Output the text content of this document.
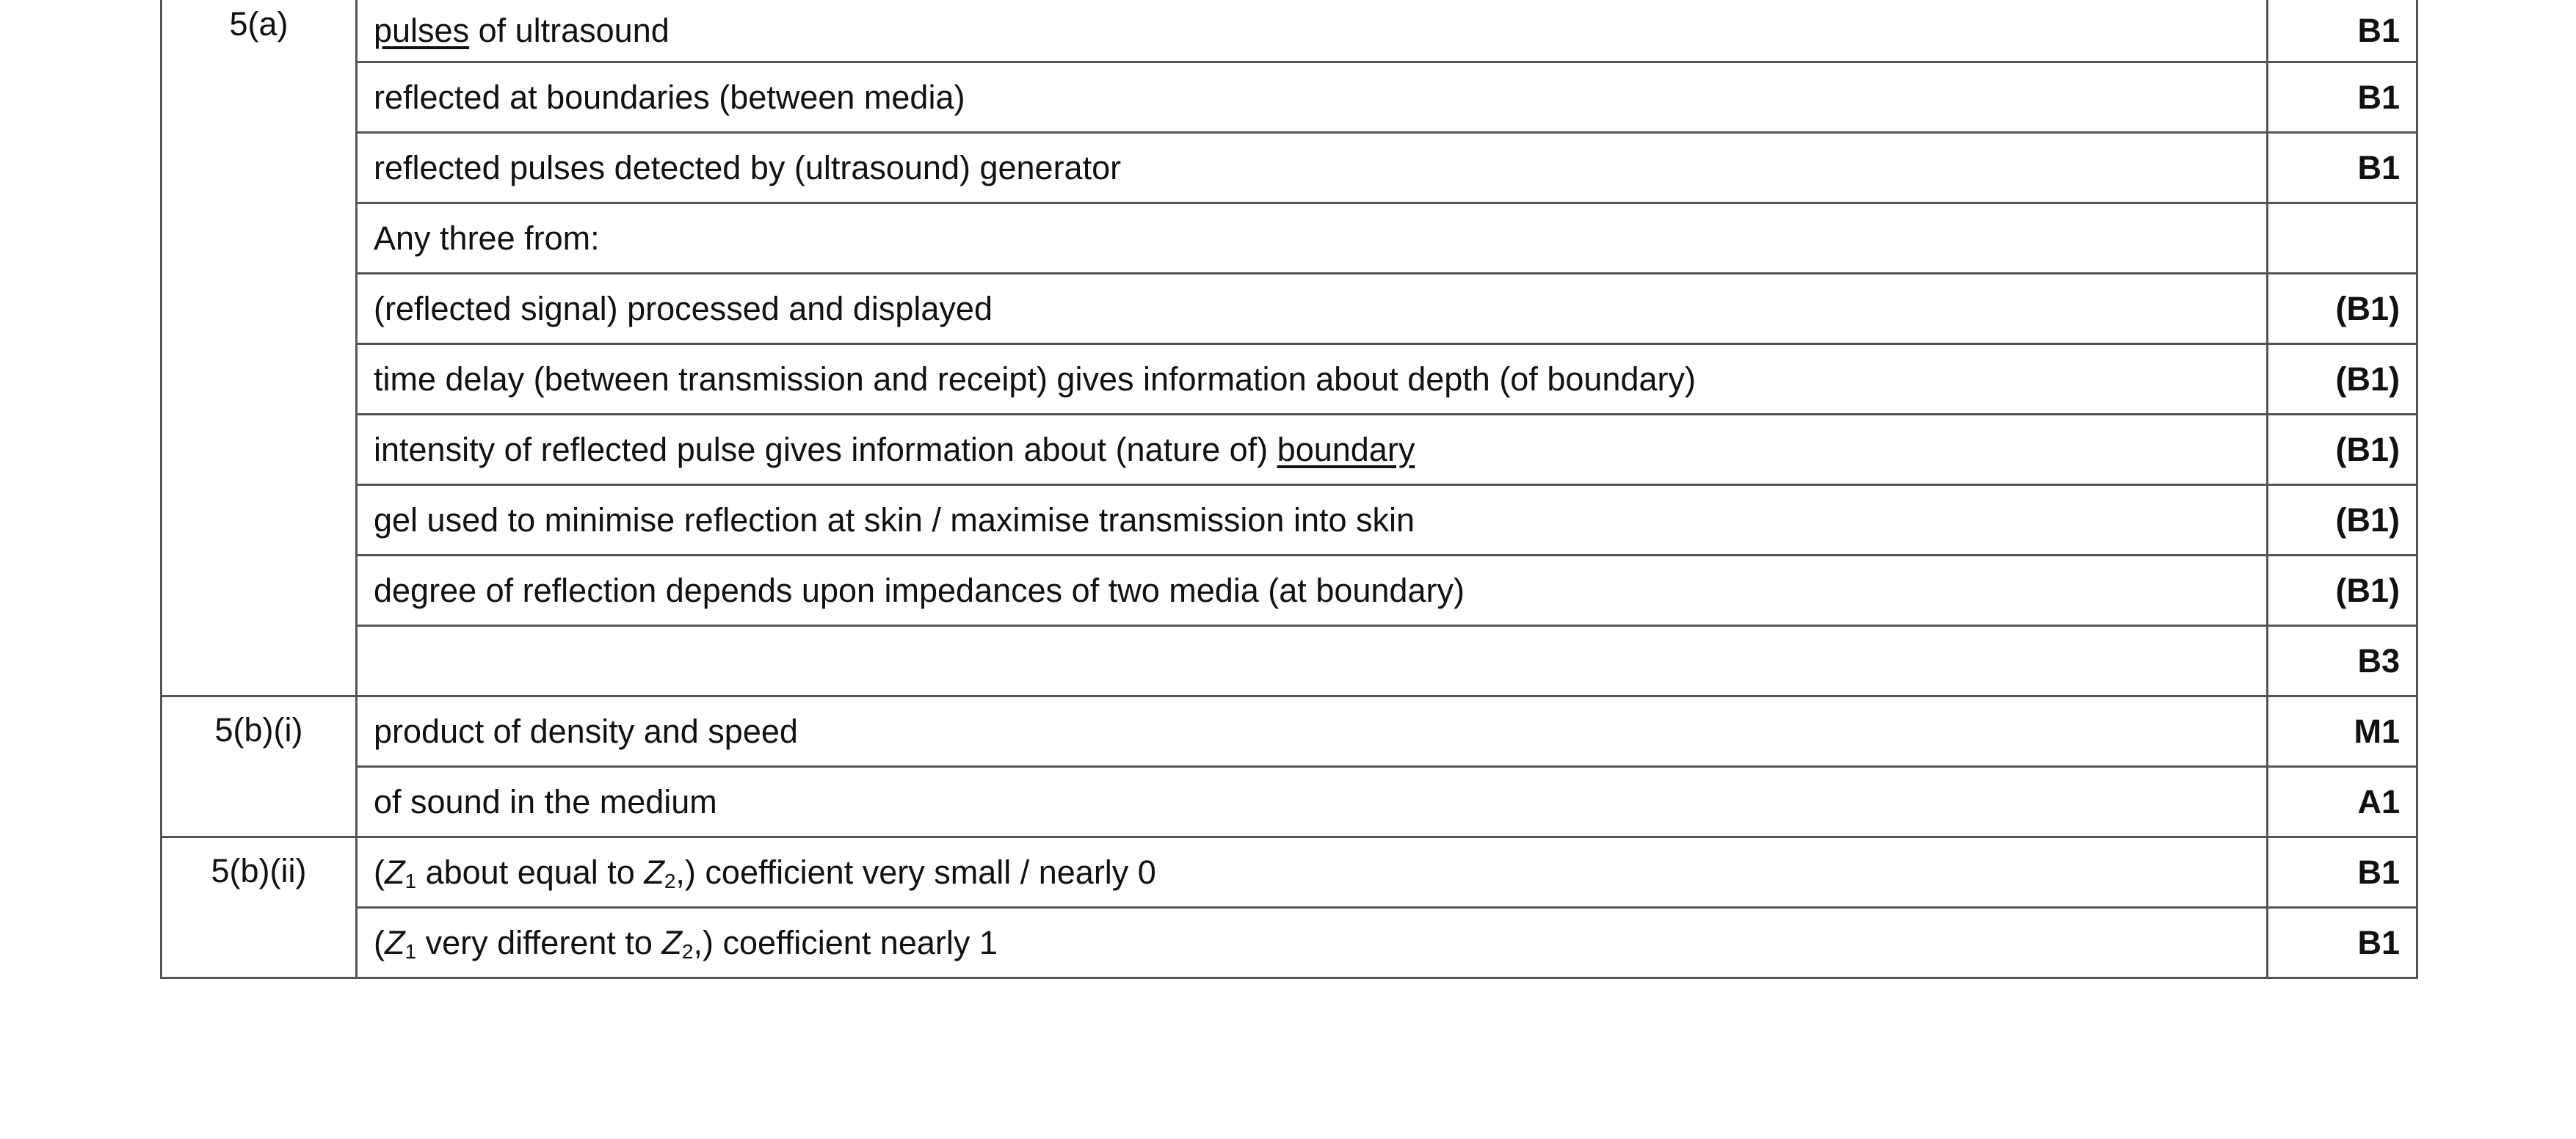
5(a)	pulses of ultrasound	B1
	reflected at boundaries (between media)	B1
	reflected pulses detected by (ultrasound) generator	B1
	Any three from:	
	(reflected signal) processed and displayed	(B1)
	time delay (between transmission and receipt) gives information about depth (of boundary)	(B1)
	intensity of reflected pulse gives information about (nature of) boundary	(B1)
	gel used to minimise reflection at skin / maximise transmission into skin	(B1)
	degree of reflection depends upon impedances of two media (at boundary)	(B1)
		B3
5(b)(i)	product of density and speed	M1
	of sound in the medium	A1
5(b)(ii)	($Z_1$ about equal to $Z_2$,) coefficient very small / nearly 0	B1
	($Z_1$ very different to $Z_2$,) coefficient nearly 1	B1
